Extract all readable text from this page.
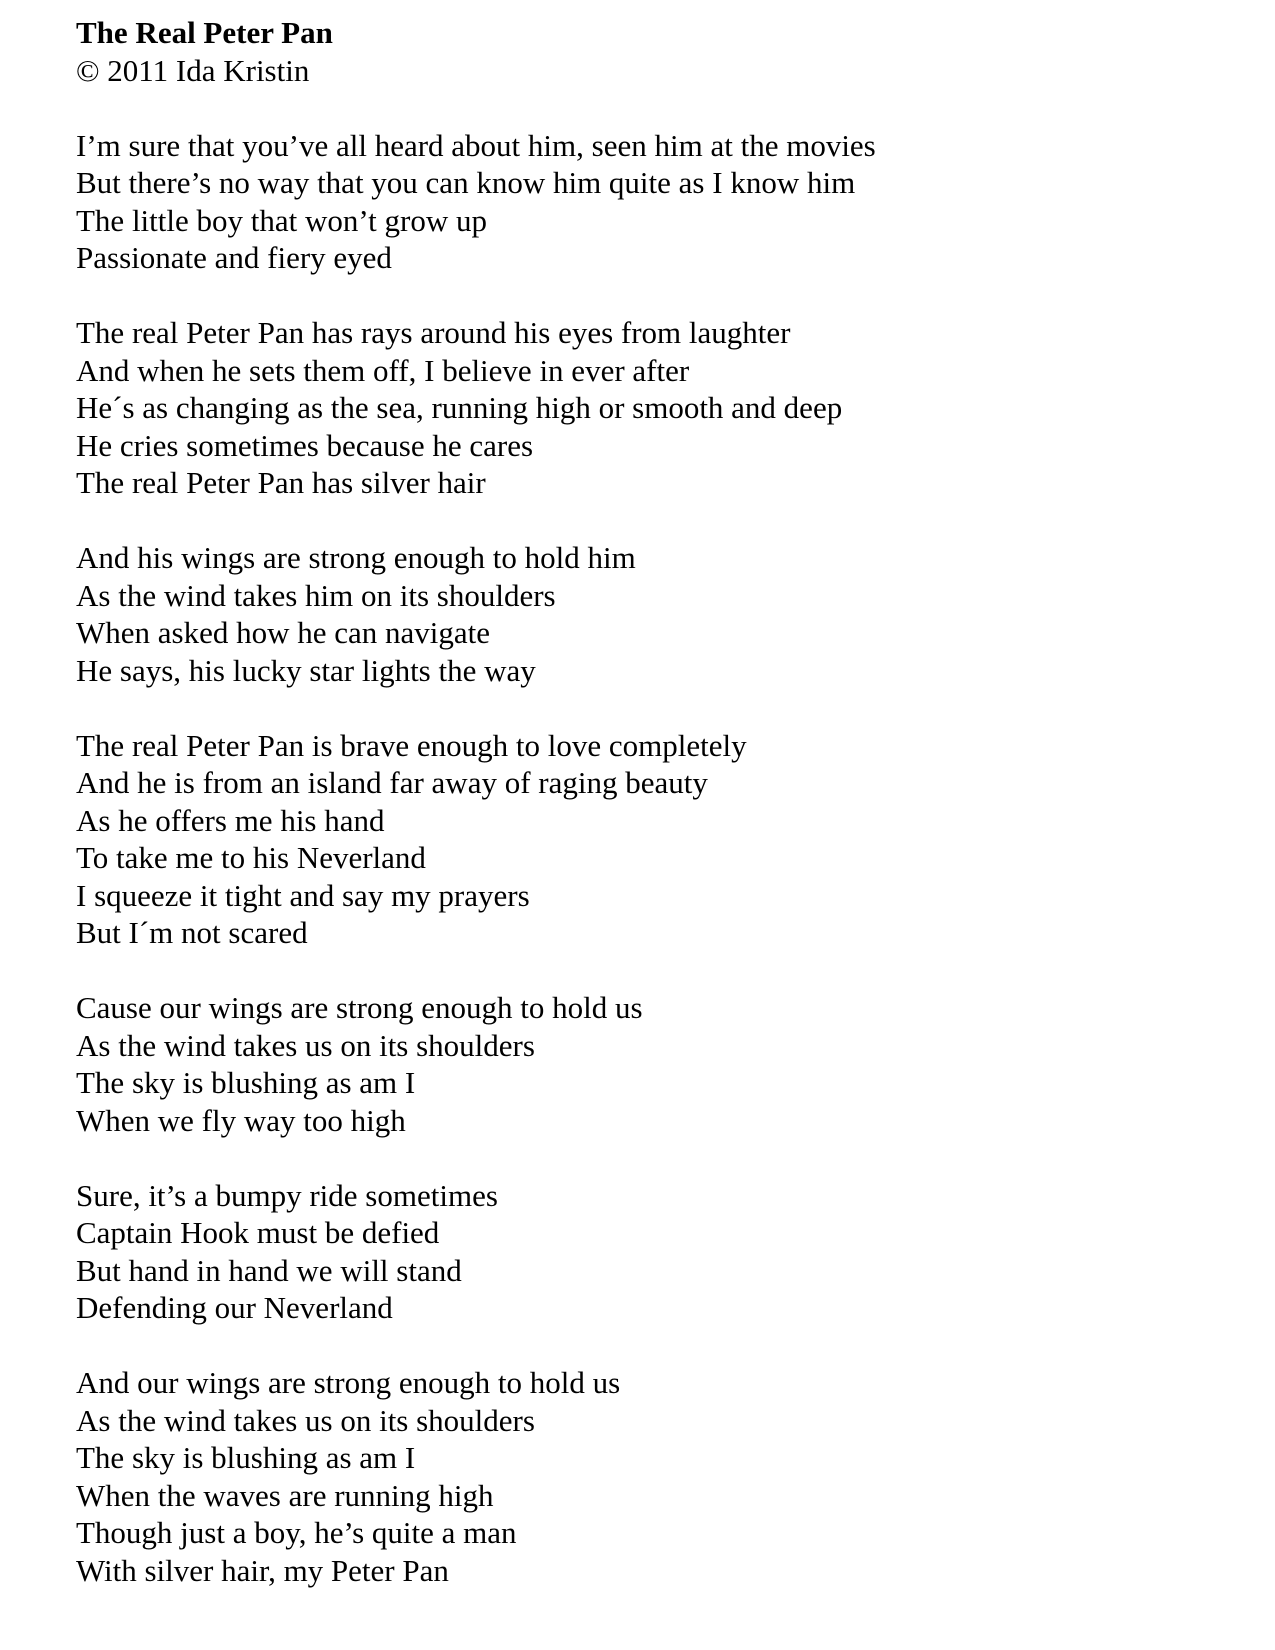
The Real Peter Pan
© 2011 Ida Kristin
I’m sure that you’ve all heard about him, seen him at the movies
But there’s no way that you can know him quite as I know him
The little boy that won’t grow up
Passionate and fiery eyed
The real Peter Pan has rays around his eyes from laughter
And when he sets them off, I believe in ever after
He´s as changing as the sea, running high or smooth and deep
He cries sometimes because he cares
The real Peter Pan has silver hair
And his wings are strong enough to hold him
As the wind takes him on its shoulders
When asked how he can navigate
He says, his lucky star lights the way
The real Peter Pan is brave enough to love completely
And he is from an island far away of raging beauty
As he offers me his hand
To take me to his Neverland
I squeeze it tight and say my prayers
But I´m not scared
Cause our wings are strong enough to hold us
As the wind takes us on its shoulders
The sky is blushing as am I
When we fly way too high
Sure, it’s a bumpy ride sometimes
Captain Hook must be defied
But hand in hand we will stand
Defending our Neverland
And our wings are strong enough to hold us
As the wind takes us on its shoulders
The sky is blushing as am I
When the waves are running high
Though just a boy, he’s quite a man
With silver hair, my Peter Pan
